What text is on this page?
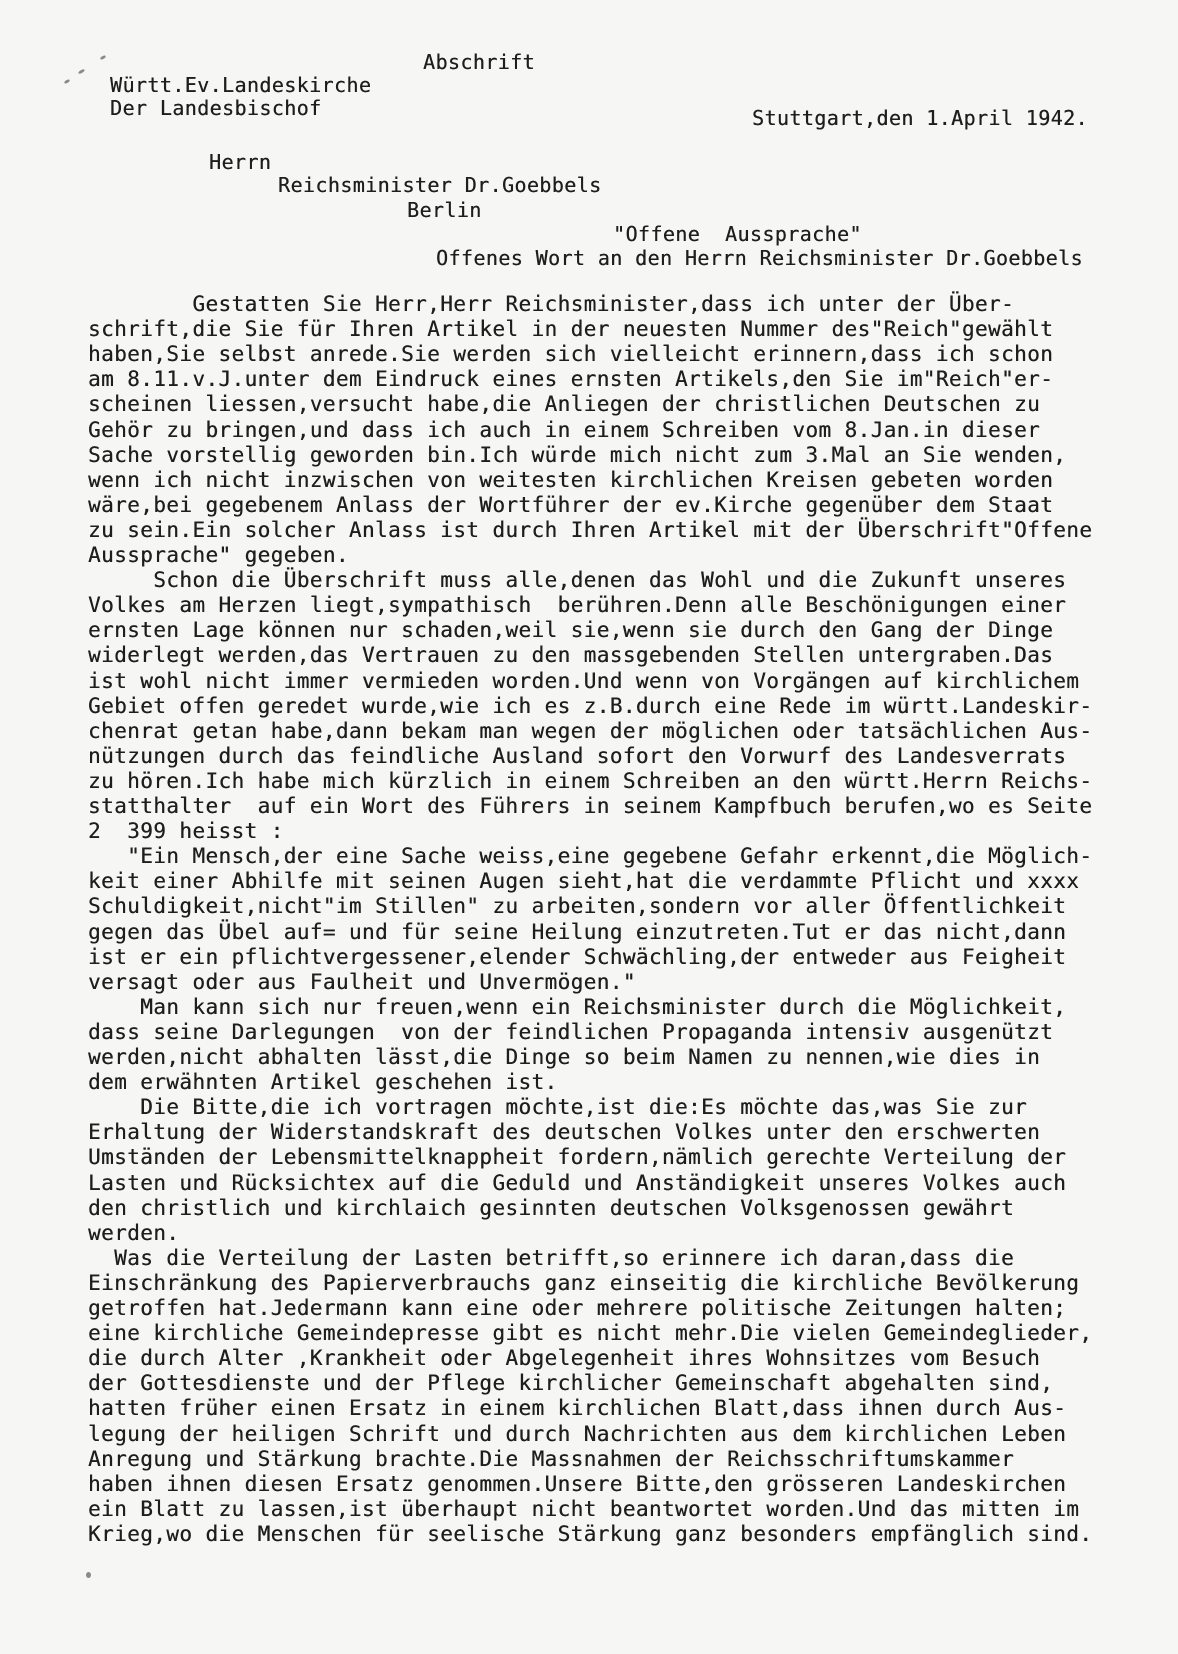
Abschrift
Württ.Ev.Landeskirche
Der Landesbischof	Stuttgart,den 1.April 1942.
Herrn
Reichsminister Dr.Goebbels
Berlin
"Offene  Aussprache"
Offenes Wort an den Herrn Reichsminister Dr.Goebbels
Gestatten Sie Herr,Herr Reichsminister,dass ich unter der Über-
schrift,die Sie für Ihren Artikel in der neuesten Nummer des"Reich"gewählt
haben,Sie selbst anrede.Sie werden sich vielleicht erinnern,dass ich schon
am 8.11.v.J.unter dem Eindruck eines ernsten Artikels,den Sie im"Reich"er-
scheinen liessen,versucht habe,die Anliegen der christlichen Deutschen zu
Gehör zu bringen,und dass ich auch in einem Schreiben vom 8.Jan.in dieser
Sache vorstellig geworden bin.Ich würde mich nicht zum 3.Mal an Sie wenden,
wenn ich nicht inzwischen von weitesten kirchlichen Kreisen gebeten worden
wäre,bei gegebenem Anlass der Wortführer der ev.Kirche gegenüber dem Staat
zu sein.Ein solcher Anlass ist durch Ihren Artikel mit der Überschrift"Offene
Aussprache" gegeben.
Schon die Überschrift muss alle,denen das Wohl und die Zukunft unseres
Volkes am Herzen liegt,sympathisch  berühren.Denn alle Beschönigungen einer
ernsten Lage können nur schaden,weil sie,wenn sie durch den Gang der Dinge
widerlegt werden,das Vertrauen zu den massgebenden Stellen untergraben.Das
ist wohl nicht immer vermieden worden.Und wenn von Vorgängen auf kirchlichem
Gebiet offen geredet wurde,wie ich es z.B.durch eine Rede im württ.Landeskir-
chenrat getan habe,dann bekam man wegen der möglichen oder tatsächlichen Aus-
nützungen durch das feindliche Ausland sofort den Vorwurf des Landesverrats
zu hören.Ich habe mich kürzlich in einem Schreiben an den württ.Herrn Reichs-
statthalter  auf ein Wort des Führers in seinem Kampfbuch berufen,wo es Seite
2  399 heisst :
"Ein Mensch,der eine Sache weiss,eine gegebene Gefahr erkennt,die Möglich-
keit einer Abhilfe mit seinen Augen sieht,hat die verdammte Pflicht und xxxx
Schuldigkeit,nicht"im Stillen" zu arbeiten,sondern vor aller Öffentlichkeit
gegen das Übel auf= und für seine Heilung einzutreten.Tut er das nicht,dann
ist er ein pflichtvergessener,elender Schwächling,der entweder aus Feigheit
versagt oder aus Faulheit und Unvermögen."
Man kann sich nur freuen,wenn ein Reichsminister durch die Möglichkeit,
dass seine Darlegungen  von der feindlichen Propaganda intensiv ausgenützt
werden,nicht abhalten lässt,die Dinge so beim Namen zu nennen,wie dies in
dem erwähnten Artikel geschehen ist.
Die Bitte,die ich vortragen möchte,ist die:Es möchte das,was Sie zur
Erhaltung der Widerstandskraft des deutschen Volkes unter den erschwerten
Umständen der Lebensmittelknappheit fordern,nämlich gerechte Verteilung der
Lasten und Rücksichtex auf die Geduld und Anständigkeit unseres Volkes auch
den christlich und kirchlaich gesinnten deutschen Volksgenossen gewährt
werden.
Was die Verteilung der Lasten betrifft,so erinnere ich daran,dass die
Einschränkung des Papierverbrauchs ganz einseitig die kirchliche Bevölkerung
getroffen hat.Jedermann kann eine oder mehrere politische Zeitungen halten;
eine kirchliche Gemeindepresse gibt es nicht mehr.Die vielen Gemeindeglieder,
die durch Alter ,Krankheit oder Abgelegenheit ihres Wohnsitzes vom Besuch
der Gottesdienste und der Pflege kirchlicher Gemeinschaft abgehalten sind,
hatten früher einen Ersatz in einem kirchlichen Blatt,dass ihnen durch Aus-
legung der heiligen Schrift und durch Nachrichten aus dem kirchlichen Leben
Anregung und Stärkung brachte.Die Massnahmen der Reichsschriftumskammer
haben ihnen diesen Ersatz genommen.Unsere Bitte,den grösseren Landeskirchen
ein Blatt zu lassen,ist überhaupt nicht beantwortet worden.Und das mitten im
Krieg,wo die Menschen für seelische Stärkung ganz besonders empfänglich sind.
